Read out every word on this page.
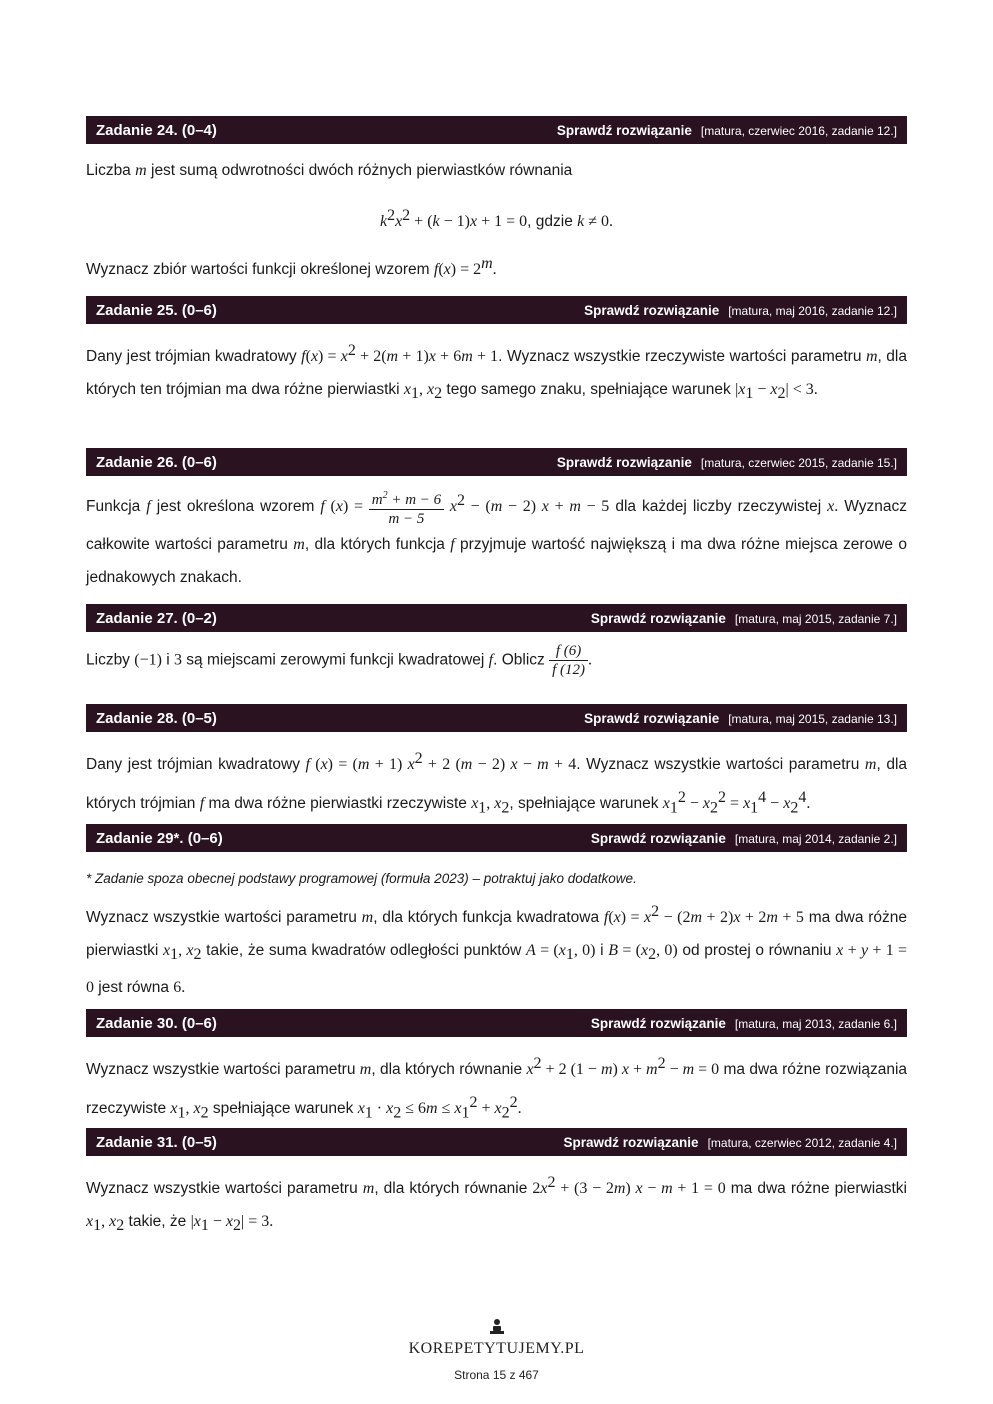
Zadanie 24. (0–4)	Sprawdź rozwiązanie [matura, czerwiec 2016, zadanie 12.]

Liczba m jest sumą odwrotności dwóch różnych pierwiastków równania

$k^2x^2 + (k - 1)x + 1 = 0$, gdzie k ≠ 0.

Wyznacz zbiór wartości funkcji określonej wzorem $f(x) = 2^m$.

Zadanie 25. (0–6)	Sprawdź rozwiązanie [matura, maj 2016, zadanie 12.]

Dany jest trójmian kwadratowy $f(x) = x^2 + 2(m + 1)x + 6m + 1$. Wyznacz wszystkie rzeczywiste wartości parametru m, dla których ten trójmian ma dwa różne pierwiastki $x_1$, $x_2$ tego samego znaku, spełniające warunek $|x_1 - x_2| < 3$.

Zadanie 26. (0–6)	Sprawdź rozwiązanie [matura, czerwiec 2015, zadanie 15.]

Funkcja f jest określona wzorem f $(x) = \frac{m^2 + m - 6}{m - 5} x^2 - (m - 2) x + m - 5$ dla każdej liczby rzeczywistej x. Wyznacz całkowite wartości parametru m, dla których funkcja f przyjmuje wartość największą i ma dwa różne miejsca zerowe o jednakowych znakach.

Zadanie 27. (0–2)	Sprawdź rozwiązanie [matura, maj 2015, zadanie 7.]

Liczby (−1) i 3 są miejscami zerowymi funkcji kwadratowej f. Oblicz $\frac{f (6)}{f (12)}$ .

Zadanie 28. (0–5)	Sprawdź rozwiązanie [matura, maj 2015, zadanie 13.]

Dany jest trójmian kwadratowy f (x) = (m + 1) $x^2 + 2$ (m − 2) x − m + 4. Wyznacz wszystkie wartości parametru m, dla których trójmian f ma dwa różne pierwiastki rzeczywiste $x_1$, $x_2$, spełniające warunek $x_1^2 - x_2^2 = x_1^4 - x_2^4$.

Zadanie 29*. (0–6)	Sprawdź rozwiązanie [matura, maj 2014, zadanie 2.]
* Zadanie spoza obecnej podstawy programowej (formuła 2023) – potraktuj jako dodatkowe.

Wyznacz wszystkie wartości parametru m, dla których funkcja kwadratowa $f(x) = x^2 - (2m + 2)x + 2m + 5$ ma dwa różne pierwiastki $x_1$, $x_2$ takie, że suma kwadratów odległości punktów $A = (x_1$, 0) i $B = (x_2$, 0) od prostej o równaniu x + y + 1 = 0 jest równa 6.

Zadanie 30. (0–6)	Sprawdź rozwiązanie [matura, maj 2013, zadanie 6.]

Wyznacz wszystkie wartości parametru m, dla których równanie $x^2 + 2$ (1 − m) $x + m^2 - m = 0$ ma dwa różne rozwiązania rzeczywiste $x_1$, $x_2$ spełniające warunek $x_1 \cdot x_2 \le 6m \le x_1^2 + x_2^2$.

Zadanie 31. (0–5)	Sprawdź rozwiązanie [matura, czerwiec 2012, zadanie 4.]

Wyznacz wszystkie wartości parametru m, dla których równanie $2x^2 + (3 - 2m) x - m + 1 = 0$ ma dwa różne pierwiastki $x_1$, $x_2$ takie, że $|x_1 - x_2| = 3$.

KOREPETYTUJEMY.PL
Strona 15 z 467
